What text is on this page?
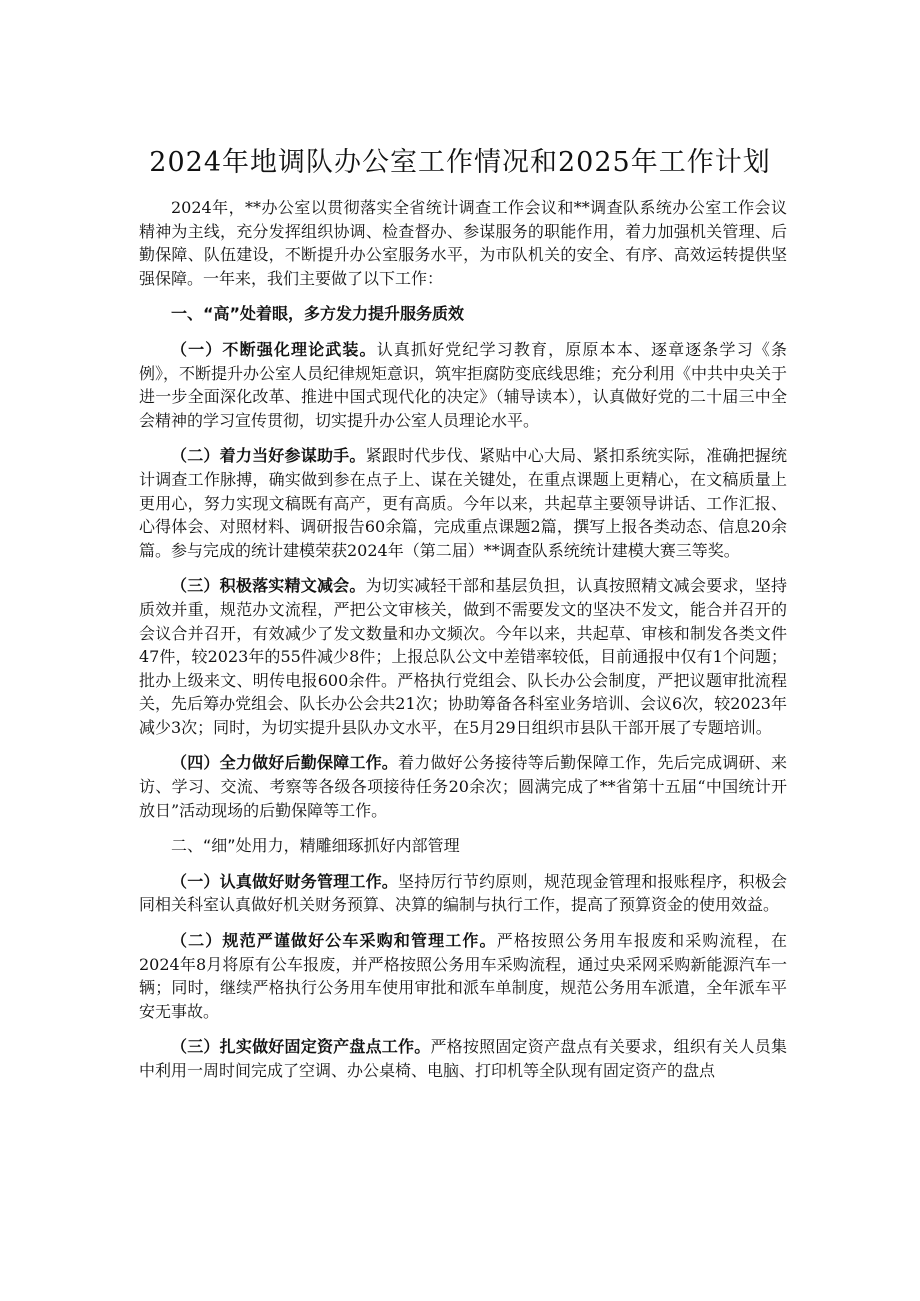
2024年地调队办公室工作情况和2025年工作计划

2024年，**办公室以贯彻落实全省统计调查工作会议和**调查队系统办公室工作会议精神为主线，充分发挥组织协调、检查督办、参谋服务的职能作用，着力加强机关管理、后勤保障、队伍建设，不断提升办公室服务水平，为市队机关的安全、有序、高效运转提供坚强保障。一年来，我们主要做了以下工作：

一、“高”处着眼，多方发力提升服务质效

（一）不断强化理论武装。认真抓好党纪学习教育，原原本本、逐章逐条学习《条例》，不断提升办公室人员纪律规矩意识，筑牢拒腐防变底线思维；充分利用《中共中央关于进一步全面深化改革、推进中国式现代化的决定》（辅导读本），认真做好党的二十届三中全会精神的学习宣传贯彻，切实提升办公室人员理论水平。

（二）着力当好参谋助手。紧跟时代步伐、紧贴中心大局、紧扣系统实际，准确把握统计调查工作脉搏，确实做到参在点子上、谋在关键处，在重点课题上更精心，在文稿质量上更用心，努力实现文稿既有高产，更有高质。今年以来，共起草主要领导讲话、工作汇报、心得体会、对照材料、调研报告60余篇，完成重点课题2篇，撰写上报各类动态、信息20余篇。参与完成的统计建模荣获2024年（第二届）**调查队系统统计建模大赛三等奖。

（三）积极落实精文减会。为切实减轻干部和基层负担，认真按照精文减会要求，坚持质效并重，规范办文流程，严把公文审核关，做到不需要发文的坚决不发文，能合并召开的会议合并召开，有效减少了发文数量和办文频次。今年以来，共起草、审核和制发各类文件47件，较2023年的55件减少8件；上报总队公文中差错率较低，目前通报中仅有1个问题；批办上级来文、明传电报600余件。严格执行党组会、队长办公会制度，严把议题审批流程关，先后筹办党组会、队长办公会共21次；协助筹备各科室业务培训、会议6次，较2023年减少3次；同时，为切实提升县队办文水平，在5月29日组织市县队干部开展了专题培训。

（四）全力做好后勤保障工作。着力做好公务接待等后勤保障工作，先后完成调研、来访、学习、交流、考察等各级各项接待任务20余次；圆满完成了**省第十五届“中国统计开放日”活动现场的后勤保障等工作。

二、“细”处用力，精雕细琢抓好内部管理

（一）认真做好财务管理工作。坚持厉行节约原则，规范现金管理和报账程序，积极会同相关科室认真做好机关财务预算、决算的编制与执行工作，提高了预算资金的使用效益。

（二）规范严谨做好公车采购和管理工作。严格按照公务用车报废和采购流程，在2024年8月将原有公车报废，并严格按照公务用车采购流程，通过央采网采购新能源汽车一辆；同时，继续严格执行公务用车使用审批和派车单制度，规范公务用车派遣，全年派车平安无事故。

（三）扎实做好固定资产盘点工作。严格按照固定资产盘点有关要求，组织有关人员集中利用一周时间完成了空调、办公桌椅、电脑、打印机等全队现有固定资产的盘点
